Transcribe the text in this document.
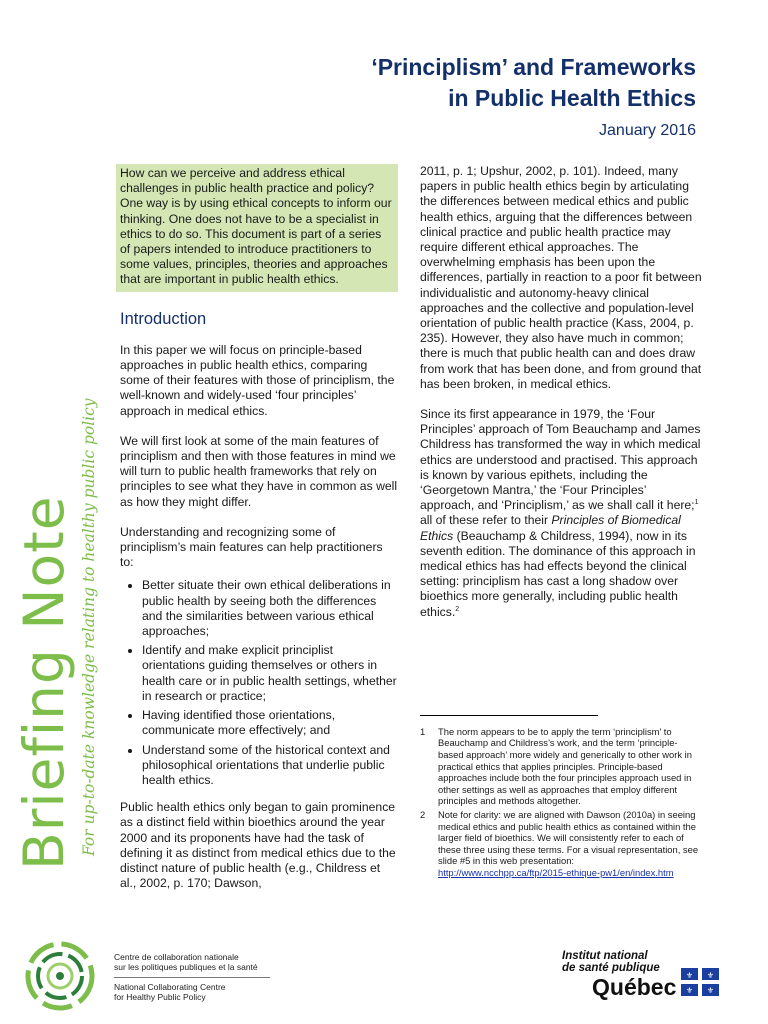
‘Principlism’ and Frameworks
in Public Health Ethics
January 2016
Briefing Note For up-to-date knowledge relating to healthy public policy
How can we perceive and address ethical challenges in public health practice and policy? One way is by using ethical concepts to inform our thinking. One does not have to be a specialist in ethics to do so. This document is part of a series of papers intended to introduce practitioners to some values, principles, theories and approaches that are important in public health ethics.
Introduction

In this paper we will focus on principle-based approaches in public health ethics, comparing some of their features with those of principlism, the well-known and widely-used ‘four principles’ approach in medical ethics.

We will first look at some of the main features of principlism and then with those features in mind we will turn to public health frameworks that rely on principles to see what they have in common as well as how they might differ.

Understanding and recognizing some of principlism’s main features can help practitioners to:

• Better situate their own ethical deliberations in public health by seeing both the differences and the similarities between various ethical approaches;
• Identify and make explicit principlist orientations guiding themselves or others in health care or in public health settings, whether in research or practice;
• Having identified those orientations, communicate more effectively; and
• Understand some of the historical context and philosophical orientations that underlie public health ethics.

Public health ethics only began to gain prominence as a distinct field within bioethics around the year 2000 and its proponents have had the task of defining it as distinct from medical ethics due to the distinct nature of public health (e.g., Childress et al., 2002, p. 170; Dawson,

2011, p. 1; Upshur, 2002, p. 101). Indeed, many papers in public health ethics begin by articulating the differences between medical ethics and public health ethics, arguing that the differences between clinical practice and public health practice may require different ethical approaches. The overwhelming emphasis has been upon the differences, partially in reaction to a poor fit between individualistic and autonomy-heavy clinical approaches and the collective and population-level orientation of public health practice (Kass, 2004, p. 235). However, they also have much in common; there is much that public health can and does draw from work that has been done, and from ground that has been broken, in medical ethics.

Since its first appearance in 1979, the ‘Four Principles’ approach of Tom Beauchamp and James Childress has transformed the way in which medical ethics are understood and practised. This approach is known by various epithets, including the ‘Georgetown Mantra,’ the ‘Four Principles’ approach, and ‘Principlism,’ as we shall call it here;$^1$ all of these refer to their Principles of Biomedical Ethics (Beauchamp & Childress, 1994), now in its seventh edition. The dominance of this approach in medical ethics has had effects beyond the clinical setting: principlism has cast a long shadow over bioethics more generally, including public health ethics.$^2$

1	The norm appears to be to apply the term ‘principlism’ to Beauchamp and Childress’s work, and the term ‘principle-based approach’ more widely and generically to other work in practical ethics that applies principles. Principle-based approaches include both the four principles approach used in other settings as well as approaches that employ different principles and methods altogether.
2	Note for clarity: we are aligned with Dawson (2010a) in seeing medical ethics and public health ethics as contained within the larger field of bioethics. We will consistently refer to each of these three using these terms. For a visual representation, see slide #5 in this web presentation: http://www.ncchpp.ca/ftp/2015-ethique-pw1/en/index.htm
Centre de collaboration nationale
sur les politiques publiques et la santé
National Collaborating Centre
for Healthy Public Policy
Institut national
de santé publique
Québec ⚜ ⚜
⚜ ⚜
